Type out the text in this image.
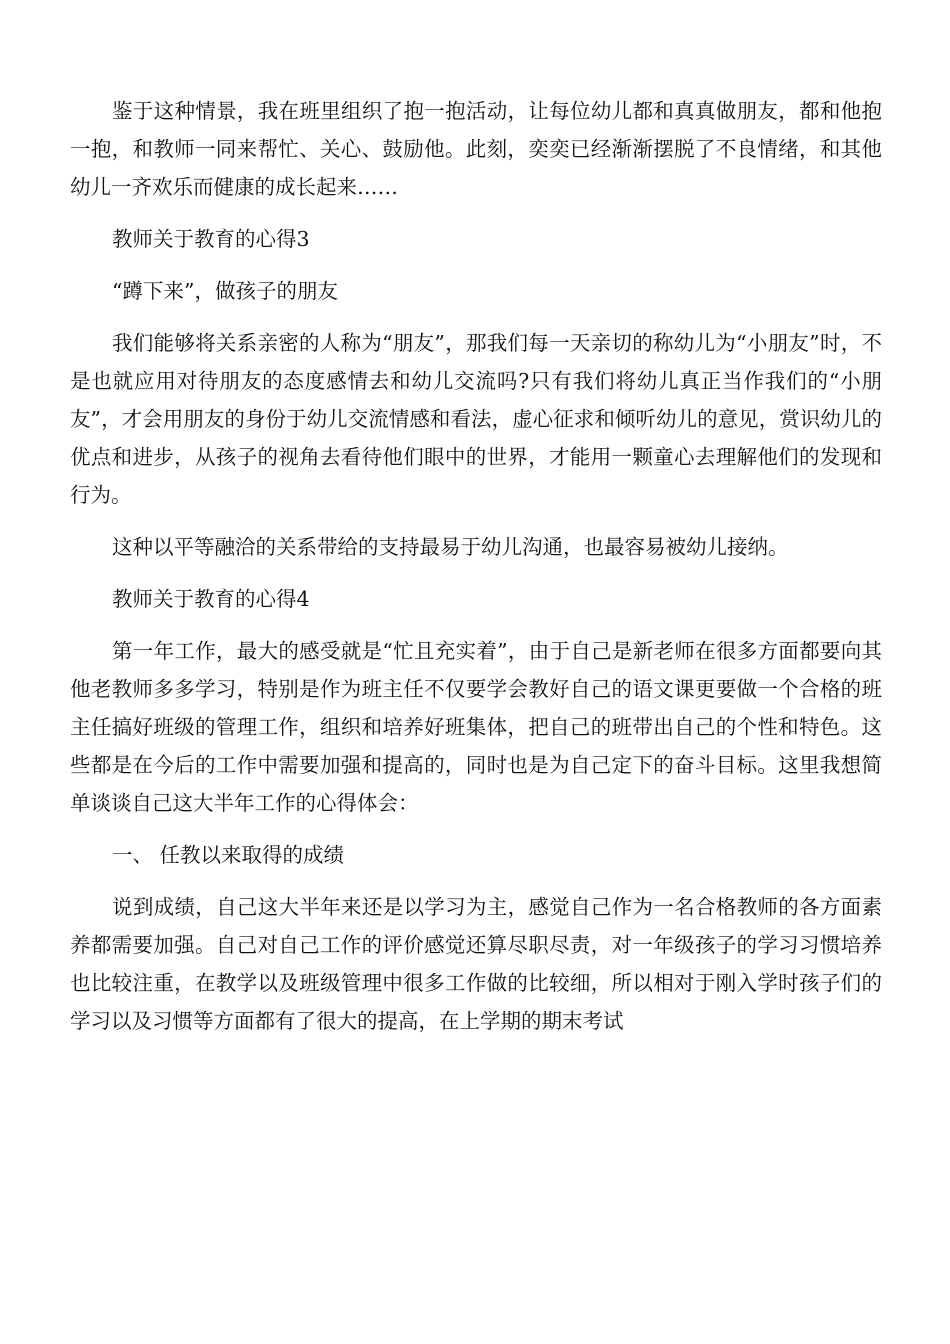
鉴于这种情景，我在班里组织了抱一抱活动，让每位幼儿都和真真做朋友，都和他抱一抱，和教师一同来帮忙、关心、鼓励他。此刻，奕奕已经渐渐摆脱了不良情绪，和其他幼儿一齐欢乐而健康的成长起来……

教师关于教育的心得3

“蹲下来”，做孩子的朋友

我们能够将关系亲密的人称为“朋友”，那我们每一天亲切的称幼儿为“小朋友”时，不是也就应用对待朋友的态度感情去和幼儿交流吗?只有我们将幼儿真正当作我们的“小朋友”，才会用朋友的身份于幼儿交流情感和看法，虚心征求和倾听幼儿的意见，赏识幼儿的优点和进步，从孩子的视角去看待他们眼中的世界，才能用一颗童心去理解他们的发现和行为。

这种以平等融洽的关系带给的支持最易于幼儿沟通，也最容易被幼儿接纳。

教师关于教育的心得4

第一年工作，最大的感受就是“忙且充实着”，由于自己是新老师在很多方面都要向其他老教师多多学习，特别是作为班主任不仅要学会教好自己的语文课更要做一个合格的班主任搞好班级的管理工作，组织和培养好班集体，把自己的班带出自己的个性和特色。这些都是在今后的工作中需要加强和提高的，同时也是为自己定下的奋斗目标。这里我想简单谈谈自己这大半年工作的心得体会：

一、 任教以来取得的成绩

说到成绩，自己这大半年来还是以学习为主，感觉自己作为一名合格教师的各方面素养都需要加强。自己对自己工作的评价感觉还算尽职尽责，对一年级孩子的学习习惯培养也比较注重，在教学以及班级管理中很多工作做的比较细，所以相对于刚入学时孩子们的学习以及习惯等方面都有了很大的提高，在上学期的期末考试
